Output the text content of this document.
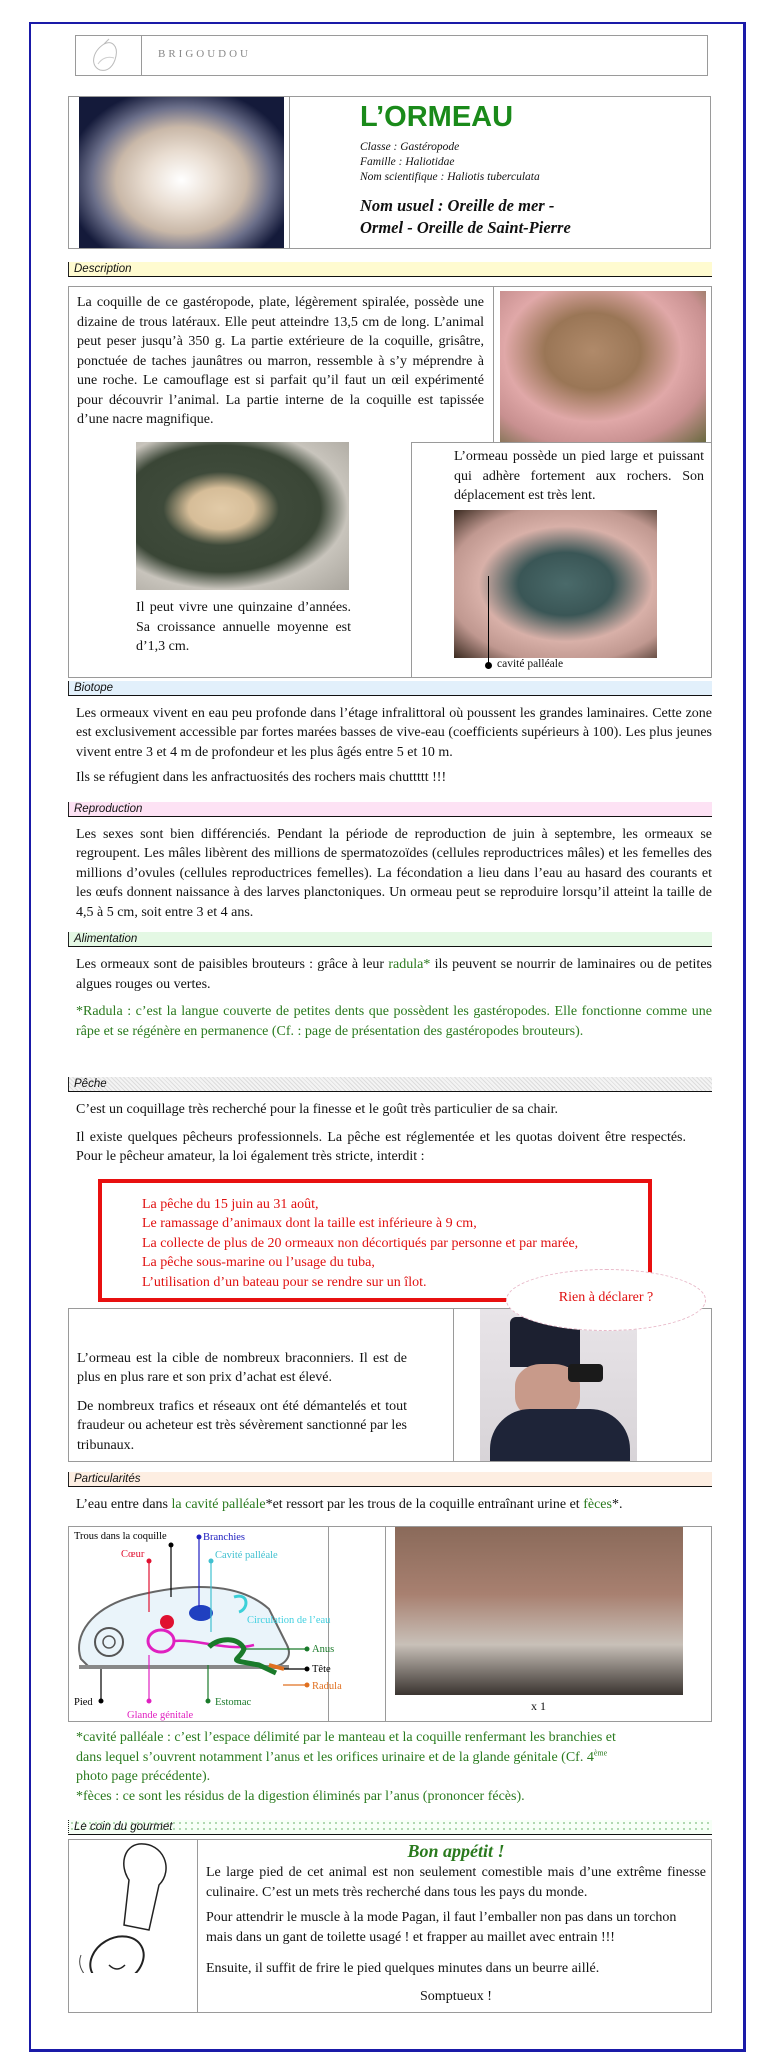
BRIGOUDOU
L’ORMEAU
Classe : Gastéropode
Famille : Haliotidae
Nom scientifique : Haliotis tuberculata
Nom usuel : Oreille de mer -
Ormel - Oreille de Saint-Pierre
Description
La coquille de ce gastéropode, plate, légèrement spiralée, possède une dizaine de trous latéraux. Elle peut atteindre 13,5 cm de long. L’animal peut peser jusqu’à 350 g. La partie extérieure de la coquille, grisâtre, ponctuée de taches jaunâtres ou marron, ressemble à s’y méprendre à une roche. Le camouflage est si parfait qu’il faut un œil expérimenté pour découvrir l’animal. La partie interne de la coquille est tapissée d’une nacre magnifique.
Il peut vivre une quinzaine d’années. Sa croissance annuelle moyenne est d’1,3 cm.
L’ormeau possède un pied large et puissant qui adhère fortement aux rochers. Son déplacement est très lent.
cavité palléale
Biotope
Les ormeaux vivent en eau peu profonde dans l’étage infralittoral où poussent les grandes laminaires. Cette zone est exclusivement accessible par fortes marées basses de vive-eau (coefficients supérieurs à 100). Les plus jeunes vivent entre 3 et 4 m de profondeur et les plus âgés entre 5 et 10 m.
Ils se réfugient dans les anfractuosités des rochers mais chuttttt !!!
Reproduction
Les sexes sont bien différenciés. Pendant la période de reproduction de juin à septembre, les ormeaux se regroupent. Les mâles libèrent des millions de spermatozoïdes (cellules reproductrices mâles) et les femelles des millions d’ovules (cellules reproductrices femelles). La fécondation a lieu dans l’eau au hasard des courants et les œufs donnent naissance à des larves planctoniques. Un ormeau peut se reproduire lorsqu’il atteint la taille de 4,5 à 5 cm, soit entre 3 et 4 ans.
Alimentation
Les ormeaux sont de paisibles brouteurs : grâce à leur radula* ils peuvent se nourrir de laminaires ou de petites algues rouges ou vertes.
*Radula : c’est la langue couverte de petites dents que possèdent les gastéropodes. Elle fonctionne comme une râpe et se régénère en permanence (Cf. : page de présentation des gastéropodes brouteurs).
Pêche
C’est un coquillage très recherché pour la finesse et le goût très particulier de sa chair.
Il existe quelques pêcheurs professionnels. La pêche est réglementée et les quotas doivent être respectés. Pour le pêcheur amateur, la loi également très stricte, interdit :
La pêche du 15 juin au 31 août,
Le ramassage d’animaux dont la taille est inférieure à 9 cm,
La collecte de plus de 20 ormeaux non décortiqués par personne et par marée,
La pêche sous-marine ou l’usage du tuba,
L’utilisation d’un bateau pour se rendre sur un îlot.
Rien à déclarer ?
L’ormeau est la cible de nombreux braconniers. Il est de plus en plus rare et son prix d’achat est élevé.
De nombreux trafics et réseaux ont été démantelés et tout fraudeur ou acheteur est très sévèrement sanctionné par les tribunaux.
Particularités
L’eau entre dans la cavité palléale*et ressort par les trous de la coquille entraînant urine et fèces*.
Trous dans la coquille
Cœur
Branchies
Cavité palléale
Circulation de l’eau
Anus
Tête
Radula
Pied
Glande génitale
Estomac	x 1
*cavité palléale : c’est l’espace délimité par le manteau et la coquille renfermant les branchies et dans lequel s’ouvrent notamment l’anus et les orifices urinaire et de la glande génitale (Cf. 4ème photo page précédente).
*fèces : ce sont les résidus de la digestion éliminés par l’anus (prononcer fécès).
Le coin du gourmet
Bon appétit !
Le large pied de cet animal est non seulement comestible mais d’une extrême finesse culinaire. C’est un mets très recherché dans tous les pays du monde.
Pour attendrir le muscle à la mode Pagan, il faut l’emballer non pas dans un torchon mais dans un gant de toilette usagé ! et frapper au maillet avec entrain !!!
Ensuite, il suffit de frire le pied quelques minutes dans un beurre aillé.
Somptueux !
